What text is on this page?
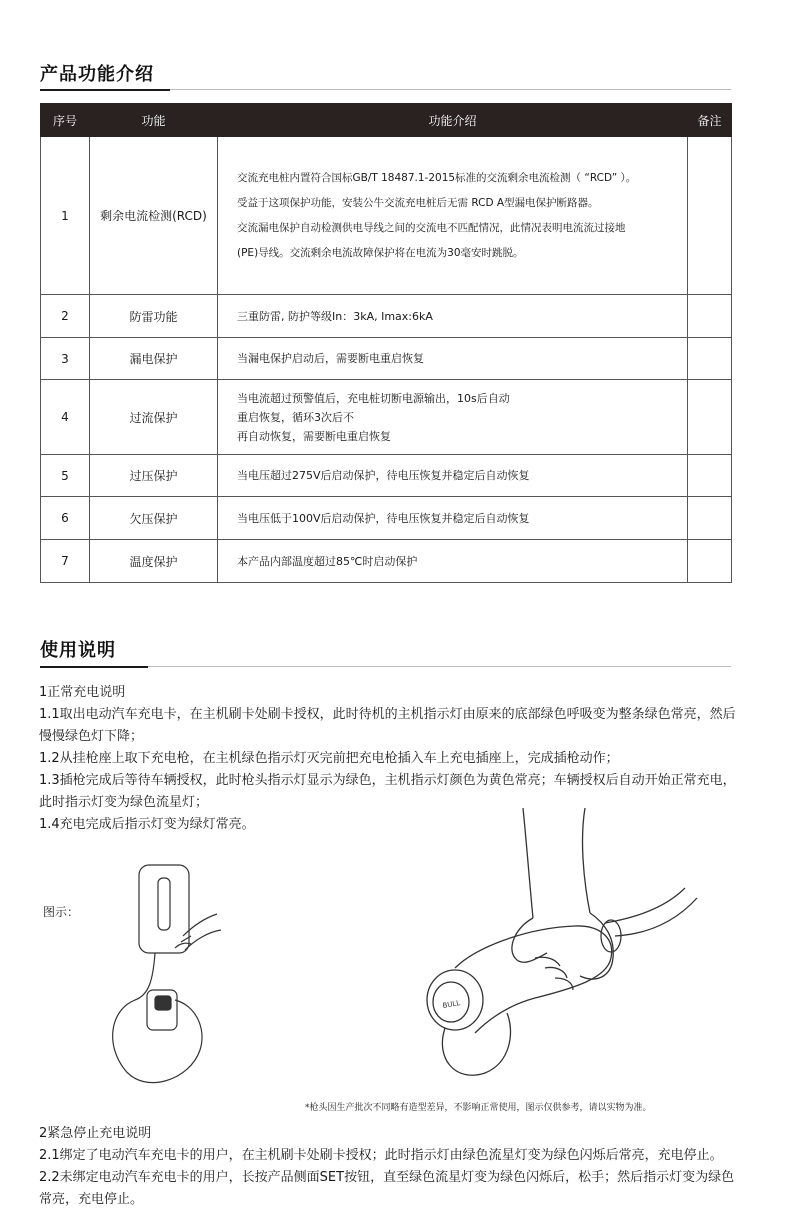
产品功能介绍
序号	功能	功能介绍	备注
1	剩余电流检测(RCD)	交流充电桩内置符合国标GB/T 18487.1-2015标准的交流剩余电流检测（ “RCD” ）。
受益于这项保护功能，安装公牛交流充电桩后无需 RCD A型漏电保护断路器。
交流漏电保护自动检测供电导线之间的交流电不匹配情况，此情况表明电流流过接地
(PE)导线。交流剩余电流故障保护将在电流为30毫安时跳脱。	

2	防雷功能	三重防雷, 防护等级In：3kA, Imax:6kA	

3	漏电保护	当漏电保护启动后，需要断电重启恢复	

4	过流保护	当电流超过预警值后，充电桩切断电源输出，10s后自动
重启恢复，循环3次后不
再自动恢复，需要断电重启恢复	

5	过压保护	当电压超过275V后启动保护，待电压恢复并稳定后自动恢复	

6	欠压保护	当电压低于100V后启动保护，待电压恢复并稳定后自动恢复	

7	温度保护	本产品内部温度超过85℃时启动保护	

使用说明

1正常充电说明

1.1取出电动汽车充电卡，在主机刷卡处刷卡授权，此时待机的主机指示灯由原来的底部绿色呼吸变为整条绿色常亮，然后慢慢绿色灯下降；

1.2从挂枪座上取下充电枪，在主机绿色指示灯灭完前把充电枪插入车上充电插座上，完成插枪动作；

1.3插枪完成后等待车辆授权，此时枪头指示灯显示为绿色，主机指示灯颜色为黄色常亮；车辆授权后自动开始正常充电，此时指示灯变为绿色流星灯；

1.4充电完成后指示灯变为绿灯常亮。

图示：
BULL
*枪头因生产批次不同略有造型差异，不影响正常使用，图示仅供参考，请以实物为准。

2紧急停止充电说明

2.1绑定了电动汽车充电卡的用户，在主机刷卡处刷卡授权；此时指示灯由绿色流星灯变为绿色闪烁后常亮，充电停止。

2.2未绑定电动汽车充电卡的用户，长按产品侧面SET按钮，直至绿色流星灯变为绿色闪烁后，松手；然后指示灯变为绿色常亮，充电停止。
